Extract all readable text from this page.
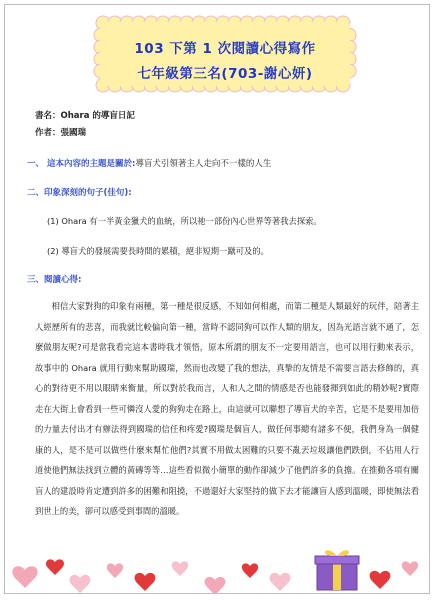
103 下第 1 次閱讀心得寫作
七年級第三名(703-謝心妍)
書名：Ohara 的導盲日記
作者：張國瑞
一、 這本內容的主題是關於:導盲犬引領著主人走向不一樣的人生
二、印象深刻的句子(佳句):
(1) Ohara 有一半黃金獵犬的血統，所以祂一部份內心世界等著我去探索。
(2) 導盲犬的發展需要長時間的累積，絕非短期一蹴可及的。
三、閱讀心得:

相信大家對狗的印象有兩種，第一種是很反感，不知如何相處，而第二種是人類最好的玩伴，陪著主人經歷所有的悲喜，而我就比較偏向第一種，當時不認同狗可以作人類的朋友，因為光語言就不通了，怎麼做朋友呢?可是當我看完這本書時我才領悟，原本所謂的朋友不一定要用語言，也可以用行動來表示，故事中的 Ohara 就用行動來幫助國瑞，然而也改變了我的想法，真摯的友情是不需要言語去修飾的，真心的對待更不用以眼睛來衡量，所以對於我而言，人和人之間的情感是否也能發揮到如此的精妙呢?實際走在大街上會看到一些可憐沒人愛的狗狗走在路上，由這就可以聯想了導盲犬的辛苦，它是不是要用加倍的力量去付出才有辦法得到國瑞的信任和疼愛?國瑞是個盲人，做任何事總有諸多不便，我們身為一個健康的人，是不是可以做些什麼來幫忙他們?其實不用做太困難的只要不亂丟垃圾讓他們跌倒，不佔用人行道使他們無法找到立體的黃磚等等…這些看似微小簡單的動作卻減少了他們許多的負擔。在推動各項有關盲人的建設時肯定遭到許多的困難和阻撓，不過還好大家堅持的做下去才能讓盲人感到溫暖，即使無法看到世上的美，卻可以感受到事間的溫暖。
